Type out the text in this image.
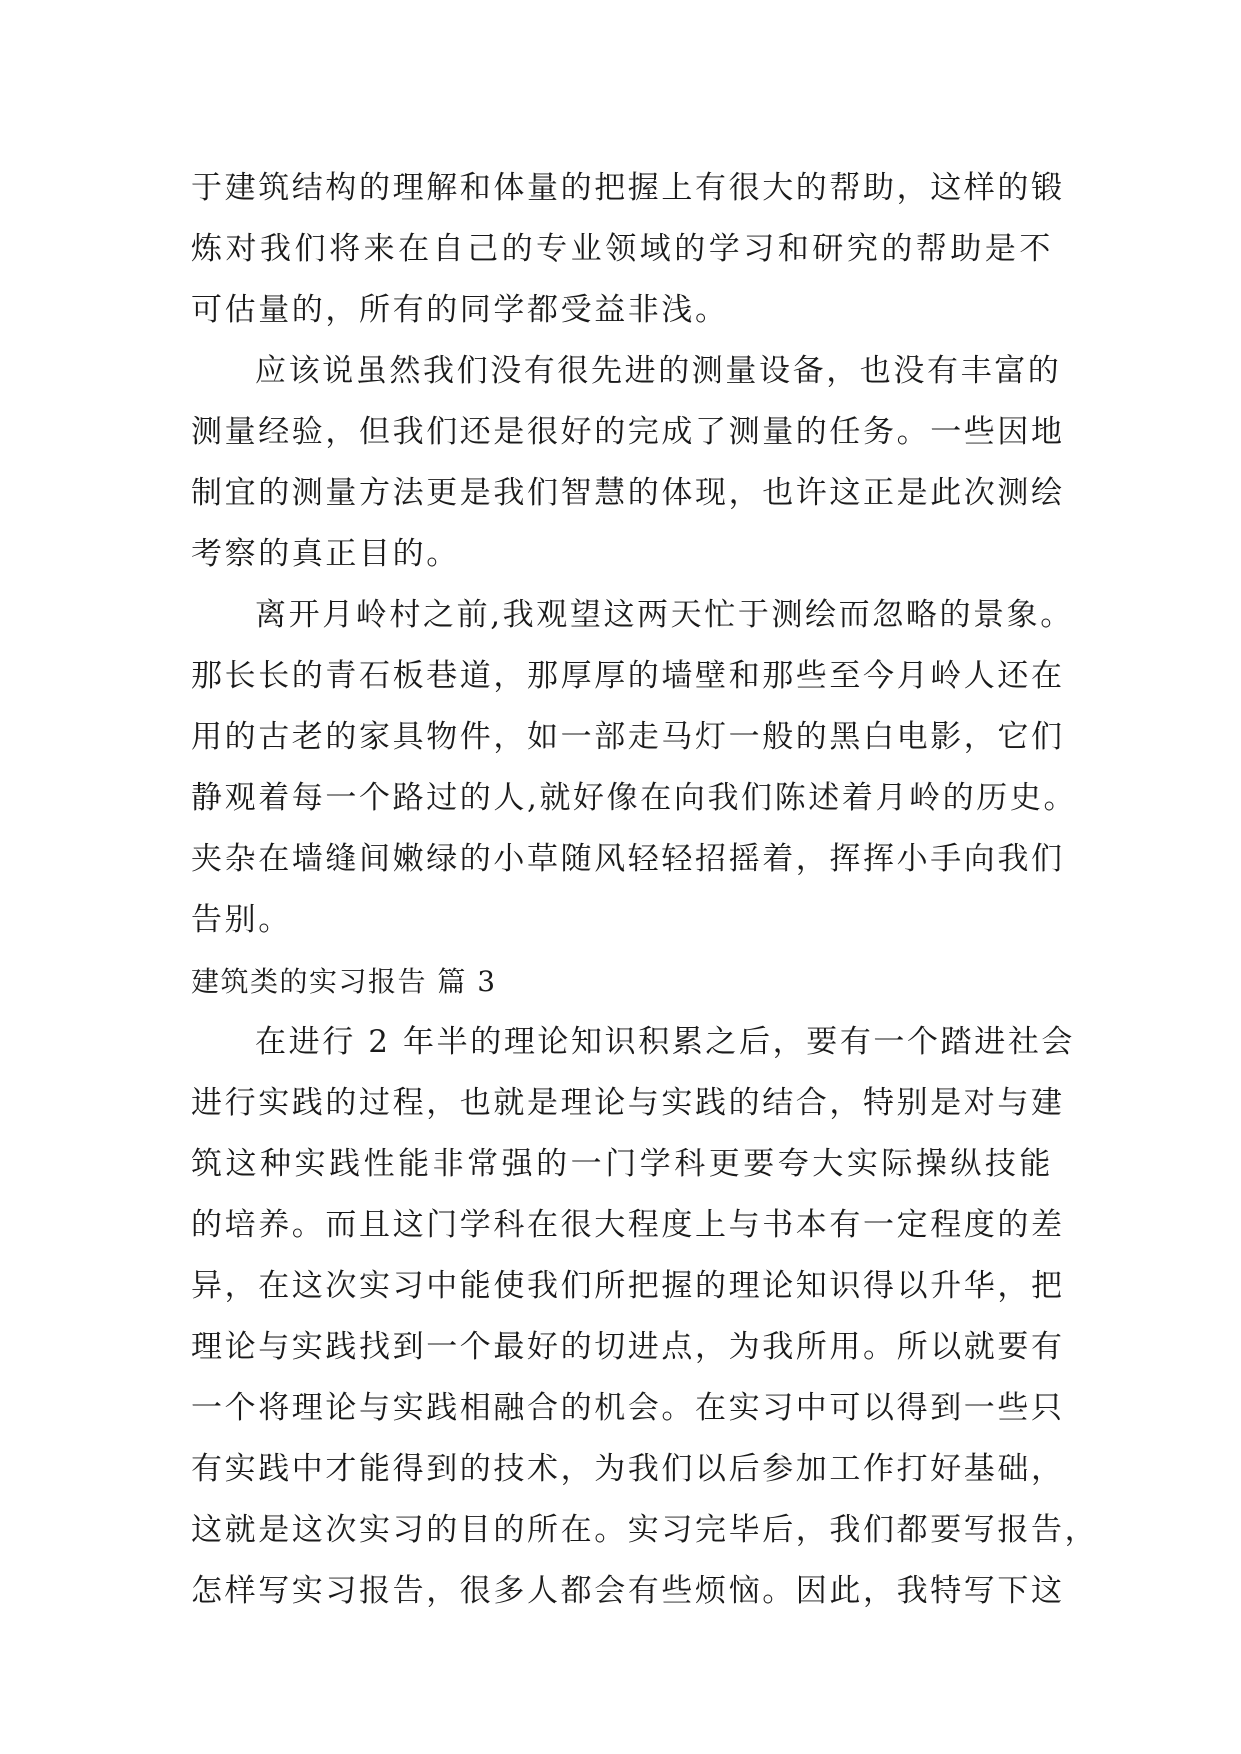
于建筑结构的理解和体量的把握上有很大的帮助，这样的锻
炼对我们将来在自己的专业领域的学习和研究的帮助是不
可估量的，所有的同学都受益非浅。
应该说虽然我们没有很先进的测量设备，也没有丰富的
测量经验，但我们还是很好的完成了测量的任务。一些因地
制宜的测量方法更是我们智慧的体现，也许这正是此次测绘
考察的真正目的。
离开月岭村之前,我观望这两天忙于测绘而忽略的景象。
那长长的青石板巷道，那厚厚的墙壁和那些至今月岭人还在
用的古老的家具物件，如一部走马灯一般的黑白电影，它们
静观着每一个路过的人,就好像在向我们陈述着月岭的历史。
夹杂在墙缝间嫩绿的小草随风轻轻招摇着，挥挥小手向我们
告别。
建筑类的实习报告 篇 3
在进行 2 年半的理论知识积累之后，要有一个踏进社会
进行实践的过程，也就是理论与实践的结合，特别是对与建
筑这种实践性能非常强的一门学科更要夸大实际操纵技能
的培养。而且这门学科在很大程度上与书本有一定程度的差
异，在这次实习中能使我们所把握的理论知识得以升华，把
理论与实践找到一个最好的切进点，为我所用。所以就要有
一个将理论与实践相融合的机会。在实习中可以得到一些只
有实践中才能得到的技术，为我们以后参加工作打好基础，
这就是这次实习的目的所在。实习完毕后，我们都要写报告，
怎样写实习报告，很多人都会有些烦恼。因此，我特写下这
